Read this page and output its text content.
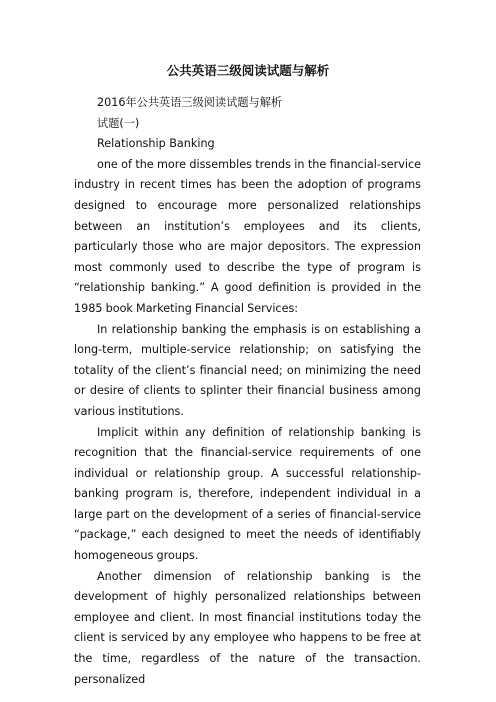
公共英语三级阅读试题与解析

2016年公共英语三级阅读试题与解析

试题(一)

Relationship Banking

one of the more dissembles trends in the financial-service industry in recent times has been the adoption of programs designed to encourage more personalized relationships between an institution’s employees and its clients, particularly those who are major depositors. The expression most commonly used to describe the type of program is “relationship banking.” A good definition is provided in the 1985 book Marketing Financial Services:

In relationship banking the emphasis is on establishing a long-term, multiple-service relationship; on satisfying the totality of the client’s financial need; on minimizing the need or desire of clients to splinter their financial business among various institutions.

Implicit within any definition of relationship banking is recognition that the financial-service requirements of one individual or relationship group. A successful relationship-banking program is, therefore, independent individual in a large part on the development of a series of financial-service “package,” each designed to meet the needs of identifiably homogeneous groups.

Another dimension of relationship banking is the development of highly personalized relationships between employee and client. In most financial institutions today the client is serviced by any employee who happens to be free at the time, regardless of the nature of the transaction. personalized
